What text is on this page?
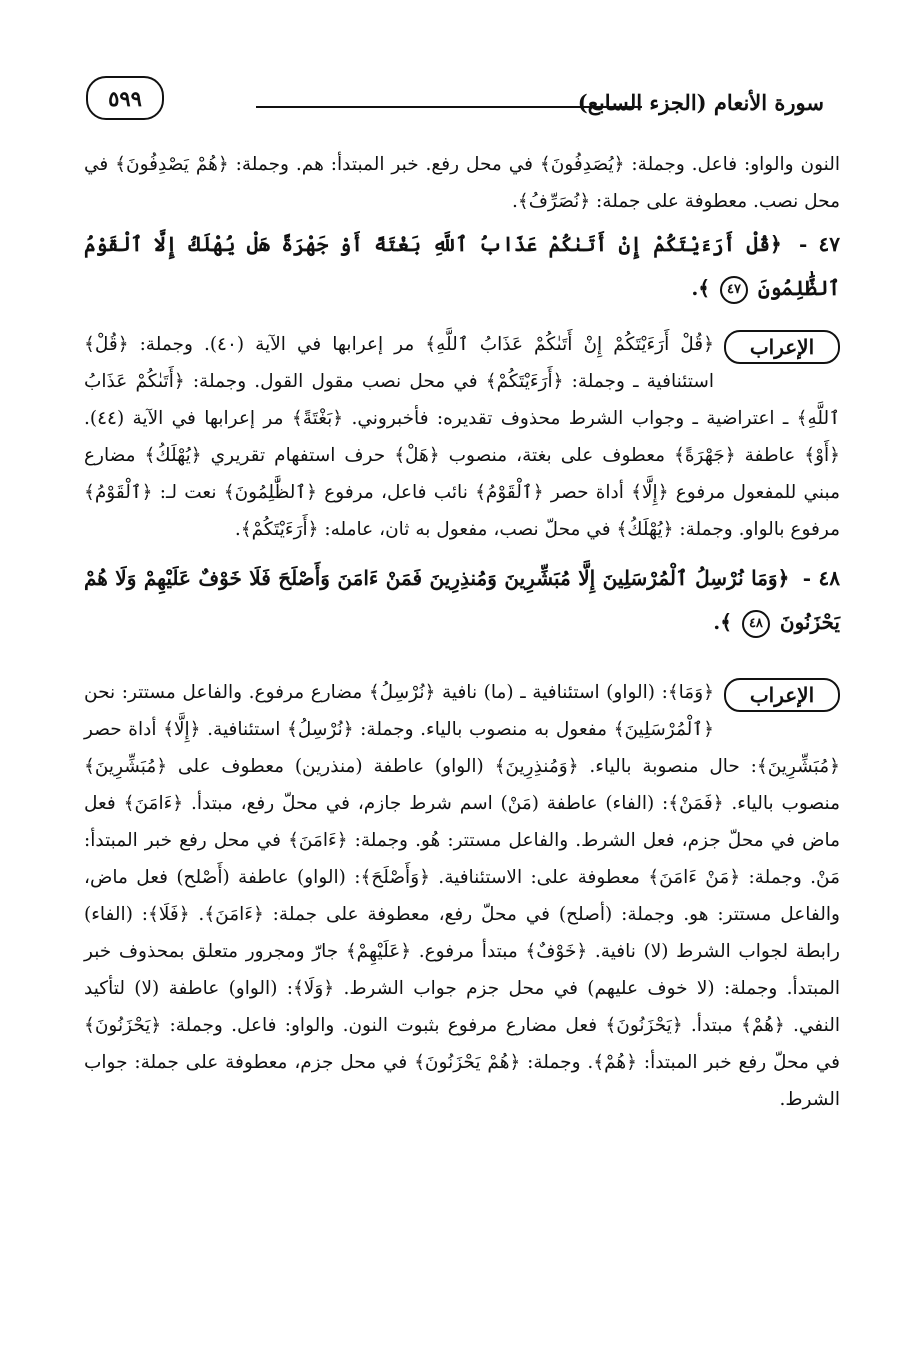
سورة الأنعام (الجزء السابع)
٥٩٩

النون والواو: فاعل. وجملة: ﴿يُصَدِفُونَ﴾ في محل رفع. خبر المبتدأ: هم. وجملة: ﴿هُمْ يَصْدِفُونَ﴾ في محل نصب. معطوفة على جملة: ﴿نُصَرِّفُ﴾.

٤٧ - ﴿قُلْ أَرَءَيْتَكُمْ إِنْ أَتَىٰكُمْ عَذَابُ ٱللَّهِ بَغْتَةً أَوْ جَهْرَةً هَلْ يُهْلَكُ إِلَّا ٱلْقَوْمُ ٱلظَّٰلِمُونَ ٤٧ ﴾.

الإعراب

﴿قُلْ أَرَءَيْتَكُمْ إِنْ أَتَىٰكُمْ عَذَابُ ٱللَّهِ﴾ مر إعرابها في الآية (٤٠). وجملة: ﴿قُلْ﴾ استئنافية ـ وجملة: ﴿أَرَءَيْتَكُمْ﴾ في محل نصب مقول القول. وجملة: ﴿أَتَىٰكُمْ عَذَابُ ٱللَّهِ﴾ ـ اعتراضية ـ وجواب الشرط محذوف تقديره: فأخبروني. ﴿بَغْتَةً﴾ مر إعرابها في الآية (٤٤). ﴿أَوْ﴾ عاطفة ﴿جَهْرَةً﴾ معطوف على بغتة، منصوب ﴿هَلْ﴾ حرف استفهام تقريري ﴿يُهْلَكُ﴾ مضارع مبني للمفعول مرفوع ﴿إِلَّا﴾ أداة حصر ﴿ٱلْقَوْمُ﴾ نائب فاعل، مرفوع ﴿ٱلظَّٰلِمُونَ﴾ نعت لـ: ﴿ٱلْقَوْمُ﴾ مرفوع بالواو. وجملة: ﴿يُهْلَكُ﴾ في محلّ نصب، مفعول به ثان، عامله: ﴿أَرَءَيْتَكُمْ﴾.

٤٨ - ﴿وَمَا نُرْسِلُ ٱلْمُرْسَلِينَ إِلَّا مُبَشِّرِينَ وَمُنذِرِينَ فَمَنْ ءَامَنَ وَأَصْلَحَ فَلَا خَوْفٌ عَلَيْهِمْ وَلَا هُمْ يَحْزَنُونَ ٤٨ ﴾.

الإعراب

﴿وَمَا﴾: (الواو) استئنافية ـ (ما) نافية ﴿نُرْسِلُ﴾ مضارع مرفوع. والفاعل مستتر: نحن ﴿ٱلْمُرْسَلِينَ﴾ مفعول به منصوب بالياء. وجملة: ﴿نُرْسِلُ﴾ استئنافية. ﴿إِلَّا﴾ أداة حصر ﴿مُبَشِّرِينَ﴾: حال منصوبة بالياء. ﴿وَمُنذِرِينَ﴾ (الواو) عاطفة (منذرين) معطوف على ﴿مُبَشِّرِينَ﴾ منصوب بالياء. ﴿فَمَنْ﴾: (الفاء) عاطفة (مَنْ) اسم شرط جازم، في محلّ رفع، مبتدأ. ﴿ءَامَنَ﴾ فعل ماض في محلّ جزم، فعل الشرط. والفاعل مستتر: هُو. وجملة: ﴿ءَامَنَ﴾ في محل رفع خبر المبتدأ: مَنْ. وجملة: ﴿مَنْ ءَامَنَ﴾ معطوفة على: الاستئنافية. ﴿وَأَصْلَحَ﴾: (الواو) عاطفة (أَصْلح) فعل ماض، والفاعل مستتر: هو. وجملة: (أصلح) في محلّ رفع، معطوفة على جملة: ﴿ءَامَنَ﴾. ﴿فَلَا﴾: (الفاء) رابطة لجواب الشرط (لا) نافية. ﴿خَوْفٌ﴾ مبتدأ مرفوع. ﴿عَلَيْهِمْ﴾ جارّ ومجرور متعلق بمحذوف خبر المبتدأ. وجملة: (لا خوف عليهم) في محل جزم جواب الشرط. ﴿وَلَا﴾: (الواو) عاطفة (لا) لتأكيد النفي. ﴿هُمْ﴾ مبتدأ. ﴿يَحْزَنُونَ﴾ فعل مضارع مرفوع بثبوت النون. والواو: فاعل. وجملة: ﴿يَحْزَنُونَ﴾ في محلّ رفع خبر المبتدأ: ﴿هُمْ﴾. وجملة: ﴿هُمْ يَحْزَنُونَ﴾ في محل جزم، معطوفة على جملة: جواب الشرط.
